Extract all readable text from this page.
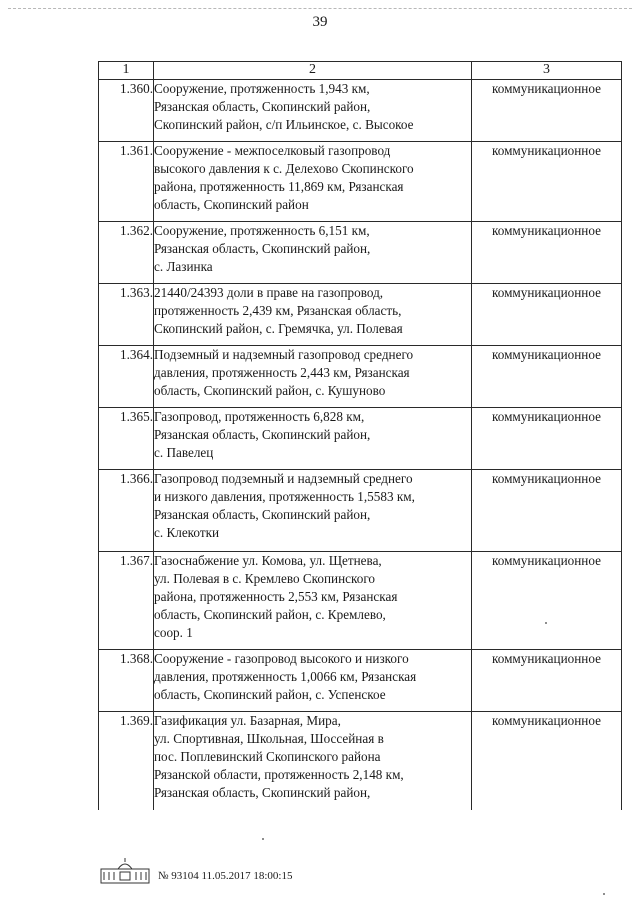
39
1	2	3
1.360.	Сооружение, протяженность 1,943 км,
Рязанская область, Скопинский район,
Скопинский район, с/п Ильинское, с. Высокое	коммуникационное
1.361.	Сооружение - межпоселковый газопровод
высокого давления к с. Делехово Скопинского
района, протяженность 11,869 км, Рязанская
область, Скопинский район	коммуникационное
1.362.	Сооружение, протяженность 6,151 км,
Рязанская область, Скопинский район,
с. Лазинка	коммуникационное
1.363.	21440/24393 доли в праве на газопровод,
протяженность 2,439 км, Рязанская область,
Скопинский район, с. Гремячка, ул. Полевая	коммуникационное
1.364.	Подземный и надземный газопровод среднего
давления, протяженность 2,443 км, Рязанская
область, Скопинский район, с. Кушуново	коммуникационное
1.365.	Газопровод, протяженность 6,828 км,
Рязанская область, Скопинский район,
с. Павелец	коммуникационное
1.366.	Газопровод подземный и надземный среднего
и низкого давления, протяженность 1,5583 км,
Рязанская область, Скопинский район,
с. Клекотки	коммуникационное
1.367.	Газоснабжение ул. Комова, ул. Щетнева,
ул. Полевая в с. Кремлево Скопинского
района, протяженность 2,553 км, Рязанская
область, Скопинский район, с. Кремлево,
соор. 1	коммуникационное
1.368.	Сооружение - газопровод высокого и низкого
давления, протяженность 1,0066 км, Рязанская
область, Скопинский район, с. Успенское	коммуникационное
1.369.	Газификация ул. Базарная, Мира,
ул. Спортивная, Школьная, Шоссейная в
пос. Поплевинский Скопинского района
Рязанской области, протяженность 2,148 км,
Рязанская область, Скопинский район,	коммуникационное
№ 93104 11.05.2017 18:00:15
